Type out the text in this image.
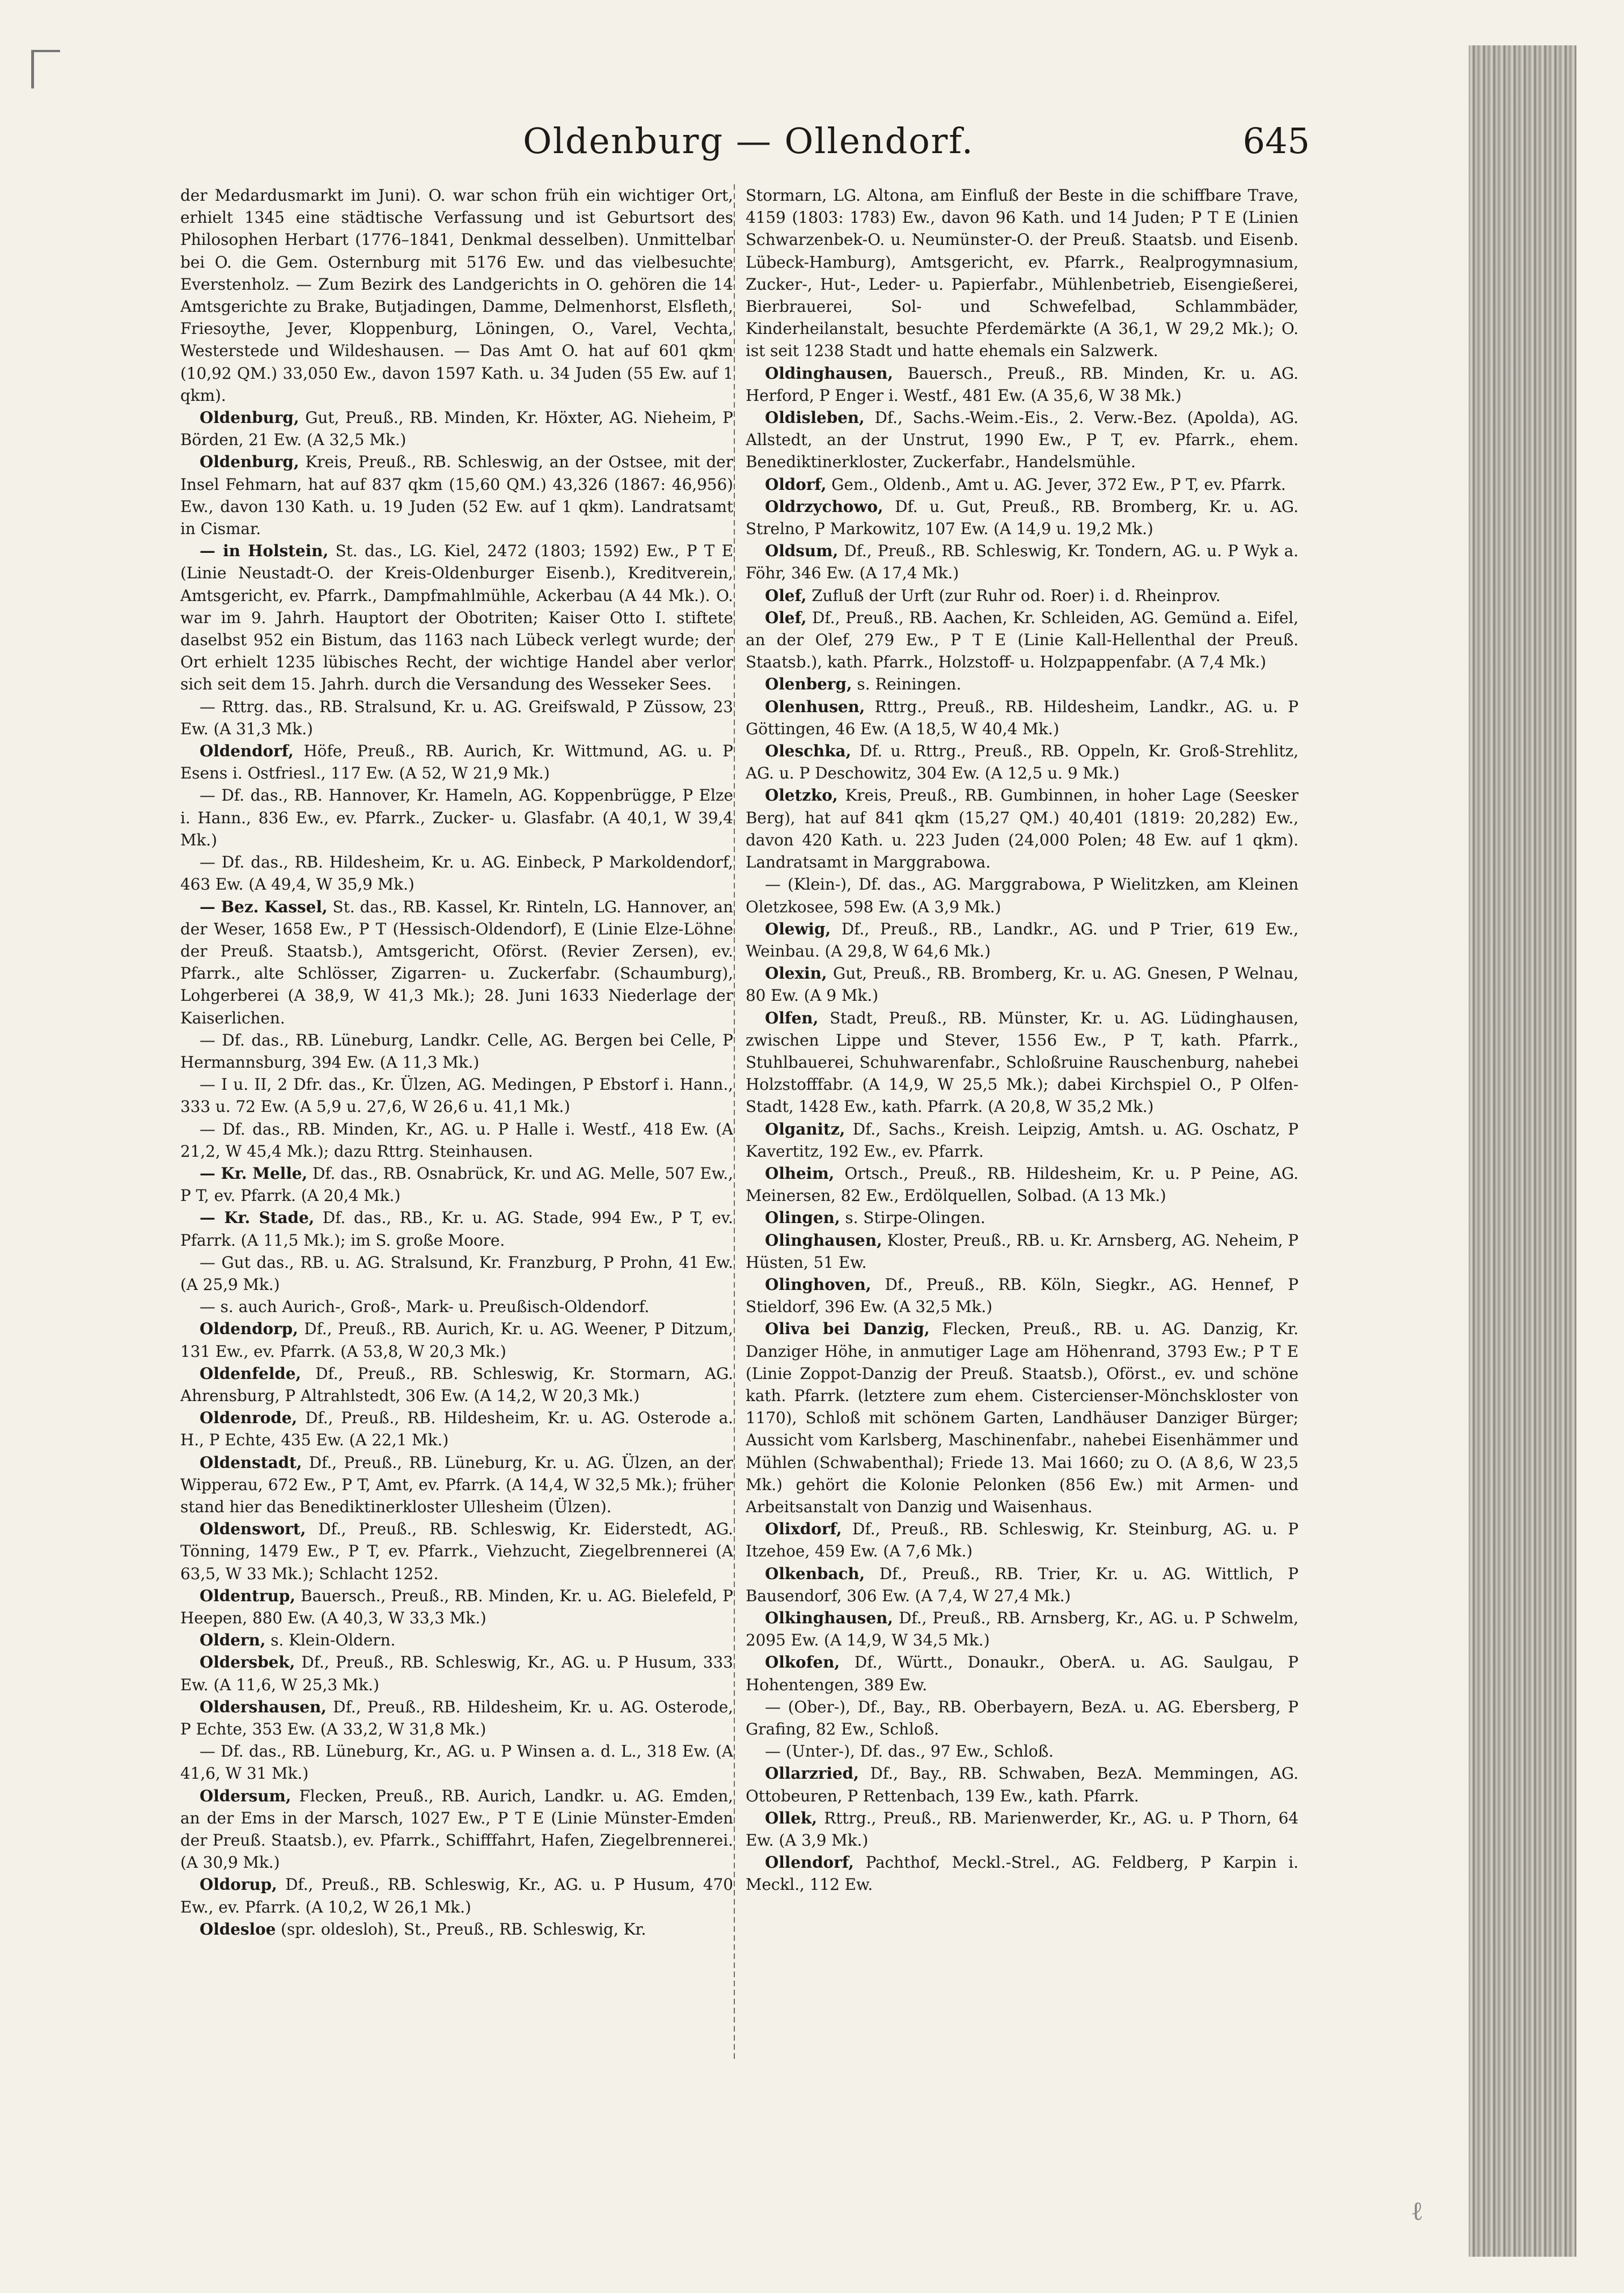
Oldenburg — Ollendorf.	645

der Medardusmarkt im Juni). O. war schon früh ein wichtiger Ort, erhielt 1345 eine städtische Verfassung und ist Geburtsort des Philosophen Herbart (1776–1841, Denkmal desselben). Unmittelbar bei O. die Gem. Osternburg mit 5176 Ew. und das vielbesuchte Everstenholz. — Zum Bezirk des Landgerichts in O. gehören die 14 Amtsgerichte zu Brake, Butjadingen, Damme, Delmenhorst, Elsfleth, Friesoythe, Jever, Kloppenburg, Löningen, O., Varel, Vechta, Westerstede und Wildeshausen. — Das Amt O. hat auf 601 qkm (10,92 QM.) 33,050 Ew., davon 1597 Kath. u. 34 Juden (55 Ew. auf 1 qkm).

Oldenburg, Gut, Preuß., RB. Minden, Kr. Höxter, AG. Nieheim, P Börden, 21 Ew. (A 32,5 Mk.)

Oldenburg, Kreis, Preuß., RB. Schleswig, an der Ostsee, mit der Insel Fehmarn, hat auf 837 qkm (15,60 QM.) 43,326 (1867: 46,956) Ew., davon 130 Kath. u. 19 Juden (52 Ew. auf 1 qkm). Landratsamt in Cismar.

— in Holstein, St. das., LG. Kiel, 2472 (1803; 1592) Ew., P T E (Linie Neustadt-O. der Kreis-Oldenburger Eisenb.), Kreditverein, Amtsgericht, ev. Pfarrk., Dampfmahlmühle, Ackerbau (A 44 Mk.). O. war im 9. Jahrh. Hauptort der Obotriten; Kaiser Otto I. stiftete daselbst 952 ein Bistum, das 1163 nach Lübeck verlegt wurde; der Ort erhielt 1235 lübisches Recht, der wichtige Handel aber verlor sich seit dem 15. Jahrh. durch die Versandung des Wesseker Sees.

— Rttrg. das., RB. Stralsund, Kr. u. AG. Greifswald, P Züssow, 23 Ew. (A 31,3 Mk.)

Oldendorf, Höfe, Preuß., RB. Aurich, Kr. Wittmund, AG. u. P Esens i. Ostfriesl., 117 Ew. (A 52, W 21,9 Mk.)

— Df. das., RB. Hannover, Kr. Hameln, AG. Koppenbrügge, P Elze i. Hann., 836 Ew., ev. Pfarrk., Zucker- u. Glasfabr. (A 40,1, W 39,4 Mk.)

— Df. das., RB. Hildesheim, Kr. u. AG. Einbeck, P Markoldendorf, 463 Ew. (A 49,4, W 35,9 Mk.)

— Bez. Kassel, St. das., RB. Kassel, Kr. Rinteln, LG. Hannover, an der Weser, 1658 Ew., P T (Hessisch-Oldendorf), E (Linie Elze-Löhne der Preuß. Staatsb.), Amtsgericht, Oförst. (Revier Zersen), ev. Pfarrk., alte Schlösser, Zigarren- u. Zuckerfabr. (Schaumburg), Lohgerberei (A 38,9, W 41,3 Mk.); 28. Juni 1633 Niederlage der Kaiserlichen.

— Df. das., RB. Lüneburg, Landkr. Celle, AG. Bergen bei Celle, P Hermannsburg, 394 Ew. (A 11,3 Mk.)

— I u. II, 2 Dfr. das., Kr. Ülzen, AG. Medingen, P Ebstorf i. Hann., 333 u. 72 Ew. (A 5,9 u. 27,6, W 26,6 u. 41,1 Mk.)

— Df. das., RB. Minden, Kr., AG. u. P Halle i. Westf., 418 Ew. (A 21,2, W 45,4 Mk.); dazu Rttrg. Steinhausen.

— Kr. Melle, Df. das., RB. Osnabrück, Kr. und AG. Melle, 507 Ew., P T, ev. Pfarrk. (A 20,4 Mk.)

— Kr. Stade, Df. das., RB., Kr. u. AG. Stade, 994 Ew., P T, ev. Pfarrk. (A 11,5 Mk.); im S. große Moore.

— Gut das., RB. u. AG. Stralsund, Kr. Franzburg, P Prohn, 41 Ew. (A 25,9 Mk.)

— s. auch Aurich-, Groß-, Mark- u. Preußisch-Oldendorf.

Oldendorp, Df., Preuß., RB. Aurich, Kr. u. AG. Weener, P Ditzum, 131 Ew., ev. Pfarrk. (A 53,8, W 20,3 Mk.)

Oldenfelde, Df., Preuß., RB. Schleswig, Kr. Stormarn, AG. Ahrensburg, P Altrahlstedt, 306 Ew. (A 14,2, W 20,3 Mk.)

Oldenrode, Df., Preuß., RB. Hildesheim, Kr. u. AG. Osterode a. H., P Echte, 435 Ew. (A 22,1 Mk.)

Oldenstadt, Df., Preuß., RB. Lüneburg, Kr. u. AG. Ülzen, an der Wipperau, 672 Ew., P T, Amt, ev. Pfarrk. (A 14,4, W 32,5 Mk.); früher stand hier das Benediktinerkloster Ullesheim (Ülzen).

Oldenswort, Df., Preuß., RB. Schleswig, Kr. Eiderstedt, AG. Tönning, 1479 Ew., P T, ev. Pfarrk., Viehzucht, Ziegelbrennerei (A 63,5, W 33 Mk.); Schlacht 1252.

Oldentrup, Bauersch., Preuß., RB. Minden, Kr. u. AG. Bielefeld, P Heepen, 880 Ew. (A 40,3, W 33,3 Mk.)

Oldern, s. Klein-Oldern.

Oldersbek, Df., Preuß., RB. Schleswig, Kr., AG. u. P Husum, 333 Ew. (A 11,6, W 25,3 Mk.)

Oldershausen, Df., Preuß., RB. Hildesheim, Kr. u. AG. Osterode, P Echte, 353 Ew. (A 33,2, W 31,8 Mk.)

— Df. das., RB. Lüneburg, Kr., AG. u. P Winsen a. d. L., 318 Ew. (A 41,6, W 31 Mk.)

Oldersum, Flecken, Preuß., RB. Aurich, Landkr. u. AG. Emden, an der Ems in der Marsch, 1027 Ew., P T E (Linie Münster-Emden der Preuß. Staatsb.), ev. Pfarrk., Schifffahrt, Hafen, Ziegelbrennerei. (A 30,9 Mk.)

Oldorup, Df., Preuß., RB. Schleswig, Kr., AG. u. P Husum, 470 Ew., ev. Pfarrk. (A 10,2, W 26,1 Mk.)

Oldesloe (spr. oldesloh), St., Preuß., RB. Schleswig, Kr.

Stormarn, LG. Altona, am Einfluß der Beste in die schiffbare Trave, 4159 (1803: 1783) Ew., davon 96 Kath. und 14 Juden; P T E (Linien Schwarzenbek-O. u. Neumünster-O. der Preuß. Staatsb. und Eisenb. Lübeck-Hamburg), Amtsgericht, ev. Pfarrk., Realprogymnasium, Zucker-, Hut-, Leder- u. Papierfabr., Mühlenbetrieb, Eisengießerei, Bierbrauerei, Sol- und Schwefelbad, Schlammbäder, Kinderheilanstalt, besuchte Pferdemärkte (A 36,1, W 29,2 Mk.); O. ist seit 1238 Stadt und hatte ehemals ein Salzwerk.

Oldinghausen, Bauersch., Preuß., RB. Minden, Kr. u. AG. Herford, P Enger i. Westf., 481 Ew. (A 35,6, W 38 Mk.)

Oldisleben, Df., Sachs.-Weim.-Eis., 2. Verw.-Bez. (Apolda), AG. Allstedt, an der Unstrut, 1990 Ew., P T, ev. Pfarrk., ehem. Benediktinerkloster, Zuckerfabr., Handelsmühle.

Oldorf, Gem., Oldenb., Amt u. AG. Jever, 372 Ew., P T, ev. Pfarrk.

Oldrzychowo, Df. u. Gut, Preuß., RB. Bromberg, Kr. u. AG. Strelno, P Markowitz, 107 Ew. (A 14,9 u. 19,2 Mk.)

Oldsum, Df., Preuß., RB. Schleswig, Kr. Tondern, AG. u. P Wyk a. Föhr, 346 Ew. (A 17,4 Mk.)

Olef, Zufluß der Urft (zur Ruhr od. Roer) i. d. Rheinprov.

Olef, Df., Preuß., RB. Aachen, Kr. Schleiden, AG. Gemünd a. Eifel, an der Olef, 279 Ew., P T E (Linie Kall-Hellenthal der Preuß. Staatsb.), kath. Pfarrk., Holzstoff- u. Holzpappenfabr. (A 7,4 Mk.)

Olenberg, s. Reiningen.

Olenhusen, Rttrg., Preuß., RB. Hildesheim, Landkr., AG. u. P Göttingen, 46 Ew. (A 18,5, W 40,4 Mk.)

Oleschka, Df. u. Rttrg., Preuß., RB. Oppeln, Kr. Groß-Strehlitz, AG. u. P Deschowitz, 304 Ew. (A 12,5 u. 9 Mk.)

Oletzko, Kreis, Preuß., RB. Gumbinnen, in hoher Lage (Seesker Berg), hat auf 841 qkm (15,27 QM.) 40,401 (1819: 20,282) Ew., davon 420 Kath. u. 223 Juden (24,000 Polen; 48 Ew. auf 1 qkm). Landratsamt in Marggrabowa.

— (Klein-), Df. das., AG. Marggrabowa, P Wielitzken, am Kleinen Oletzkosee, 598 Ew. (A 3,9 Mk.)

Olewig, Df., Preuß., RB., Landkr., AG. und P Trier, 619 Ew., Weinbau. (A 29,8, W 64,6 Mk.)

Olexin, Gut, Preuß., RB. Bromberg, Kr. u. AG. Gnesen, P Welnau, 80 Ew. (A 9 Mk.)

Olfen, Stadt, Preuß., RB. Münster, Kr. u. AG. Lüdinghausen, zwischen Lippe und Stever, 1556 Ew., P T, kath. Pfarrk., Stuhlbauerei, Schuhwarenfabr., Schloßruine Rauschenburg, nahebei Holzstofffabr. (A 14,9, W 25,5 Mk.); dabei Kirchspiel O., P Olfen-Stadt, 1428 Ew., kath. Pfarrk. (A 20,8, W 35,2 Mk.)

Olganitz, Df., Sachs., Kreish. Leipzig, Amtsh. u. AG. Oschatz, P Kavertitz, 192 Ew., ev. Pfarrk.

Olheim, Ortsch., Preuß., RB. Hildesheim, Kr. u. P Peine, AG. Meinersen, 82 Ew., Erdölquellen, Solbad. (A 13 Mk.)

Olingen, s. Stirpe-Olingen.

Olinghausen, Kloster, Preuß., RB. u. Kr. Arnsberg, AG. Neheim, P Hüsten, 51 Ew.

Olinghoven, Df., Preuß., RB. Köln, Siegkr., AG. Hennef, P Stieldorf, 396 Ew. (A 32,5 Mk.)

Oliva bei Danzig, Flecken, Preuß., RB. u. AG. Danzig, Kr. Danziger Höhe, in anmutiger Lage am Höhenrand, 3793 Ew.; P T E (Linie Zoppot-Danzig der Preuß. Staatsb.), Oförst., ev. und schöne kath. Pfarrk. (letztere zum ehem. Cistercienser-Mönchskloster von 1170), Schloß mit schönem Garten, Landhäuser Danziger Bürger; Aussicht vom Karlsberg, Maschinenfabr., nahebei Eisenhämmer und Mühlen (Schwabenthal); Friede 13. Mai 1660; zu O. (A 8,6, W 23,5 Mk.) gehört die Kolonie Pelonken (856 Ew.) mit Armen- und Arbeitsanstalt von Danzig und Waisenhaus.

Olixdorf, Df., Preuß., RB. Schleswig, Kr. Steinburg, AG. u. P Itzehoe, 459 Ew. (A 7,6 Mk.)

Olkenbach, Df., Preuß., RB. Trier, Kr. u. AG. Wittlich, P Bausendorf, 306 Ew. (A 7,4, W 27,4 Mk.)

Olkinghausen, Df., Preuß., RB. Arnsberg, Kr., AG. u. P Schwelm, 2095 Ew. (A 14,9, W 34,5 Mk.)

Olkofen, Df., Württ., Donaukr., OberA. u. AG. Saulgau, P Hohentengen, 389 Ew.

— (Ober-), Df., Bay., RB. Oberbayern, BezA. u. AG. Ebersberg, P Grafing, 82 Ew., Schloß.

— (Unter-), Df. das., 97 Ew., Schloß.

Ollarzried, Df., Bay., RB. Schwaben, BezA. Memmingen, AG. Ottobeuren, P Rettenbach, 139 Ew., kath. Pfarrk.

Ollek, Rttrg., Preuß., RB. Marienwerder, Kr., AG. u. P Thorn, 64 Ew. (A 3,9 Mk.)

Ollendorf, Pachthof, Meckl.-Strel., AG. Feldberg, P Karpin i. Meckl., 112 Ew.

ℓ
